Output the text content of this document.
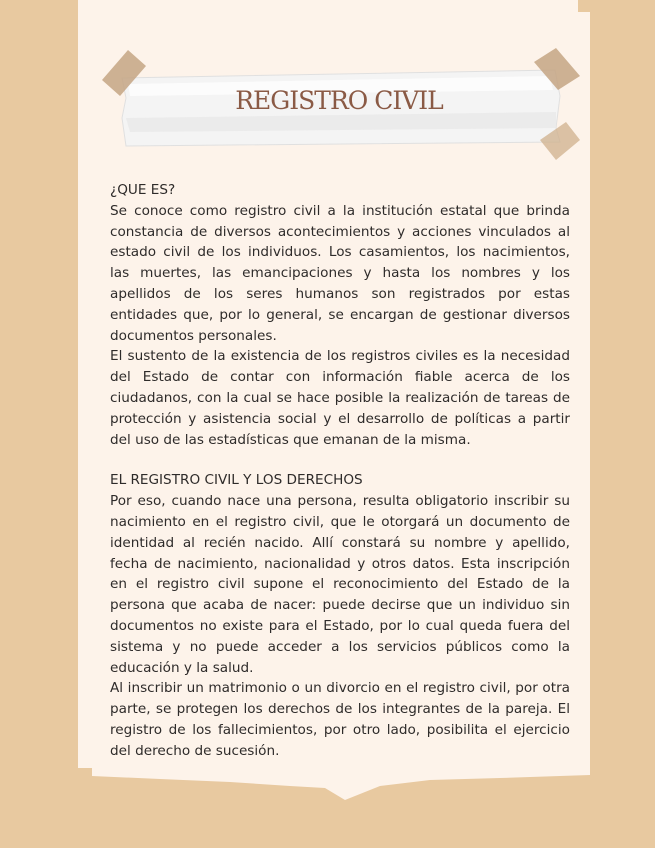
REGISTRO CIVIL

¿QUE ES?

Se conoce como registro civil a la institución estatal que brinda constancia de diversos acontecimientos y acciones vinculados al estado civil de los individuos. Los casamientos, los nacimientos, las muertes, las emancipaciones y hasta los nombres y los apellidos de los seres humanos son registrados por estas entidades que, por lo general, se encargan de gestionar diversos documentos personales.

El sustento de la existencia de los registros civiles es la necesidad del Estado de contar con información fiable acerca de los ciudadanos, con la cual se hace posible la realización de tareas de protección y asistencia social y el desarrollo de políticas a partir del uso de las estadísticas que emanan de la misma.

EL REGISTRO CIVIL Y LOS DERECHOS

Por eso, cuando nace una persona, resulta obligatorio inscribir su nacimiento en el registro civil, que le otorgará un documento de identidad al recién nacido. Allí constará su nombre y apellido, fecha de nacimiento, nacionalidad y otros datos. Esta inscripción en el registro civil supone el reconocimiento del Estado de la persona que acaba de nacer: puede decirse que un individuo sin documentos no existe para el Estado, por lo cual queda fuera del sistema y no puede acceder a los servicios públicos como la educación y la salud.

Al inscribir un matrimonio o un divorcio en el registro civil, por otra parte, se protegen los derechos de los integrantes de la pareja. El registro de los fallecimientos, por otro lado, posibilita el ejercicio del derecho de sucesión.
